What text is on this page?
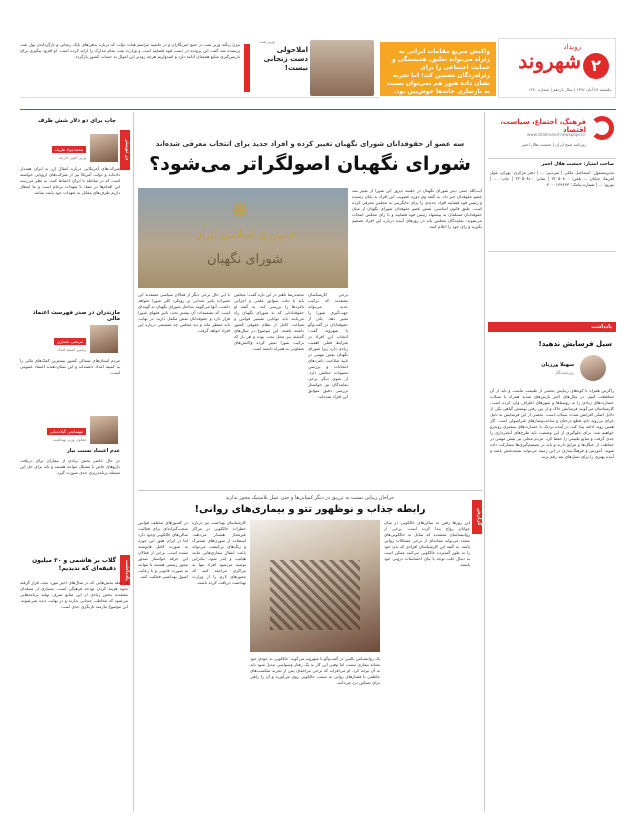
رویداد
شهروند ۲
یکشنبه ۲۸ آبان ۱۳۹۶ | سال یازدهم | شماره ۱۳۸۰
واکنش سریع مقامات ایرانی به زلزله می‌تواند تعلیق، همبستگی و حمایت اجتماعی را برای زلزله‌زدگان تضمین کند؛ اما تجربه نشان داده هنوز هم نمی‌توان نسبت به بازسازی خانه‌ها خوش‌بین بود.
وزیر نفت:
املاحولی دست زنجانی نیست!
بیژن زنگنه وزیر نفت در جمع خبرنگاران و در حاشیه مراسم هیات دولت که درباره بدهی‌های بابک زنجانی و بازگرداندن پول نفت پرسیده شد گفت این پرونده در دست قوه قضاییه است و وزارت نفت تمام مدارک را ارایه کرده است. او افزود پیگیری برای بازپس‌گیری منابع همچنان ادامه دارد و امیدواریم هرچه زودتر این اموال به حساب کشور بازگردد.
فرهنگ، اجتماع، سیاست، اقتصاد
www.shahrvand-newspaper.ir
روزنامه صبح ایران | جمعیت هلال احمر
صاحب امتیاز: جمعیت هلال احمر
مدیرمسئول: اسماعیل ملکی | سردبیر: ... | دفتر مرکزی: تهران، بلوار آفریقا، خیابان ... تلفن: ۲۲۰۵۰۸۰۰ | نمابر: ۲۲۰۵۰۸۱۰ | چاپ: ... | توزیع: ... | شماره پیامک: ۳۰۰۰۱۳۹۶۶۳
یادداشت
سیل فرسایش ندهید!
سهیلا ورزیان
روزنامه‌نگار
زاگرس همراه با کوه‌های زیبایش بخشی از طبیعت ماست و باید از آن محافظت کنیم. در سال‌های اخیر بارش‌های شدید همراه با سیلاب خسارت‌های زیادی را به روستاها و شهرهای اطراف وارد کرده است. کارشناسان می‌گویند فرسایش خاک و از بین رفتن پوشش گیاهی یکی از دلایل اصلی افزایش شدت سیلاب است. بخشی از این فرسایش به دلیل چرای بی‌رویه دام، قطع درختان و ساخت‌وسازهای غیراصولی است. اگر همین روند ادامه پیدا کند، در آینده نزدیک با خسارت‌های بیشتری روبه‌رو خواهیم شد. برای جلوگیری از این وضعیت باید طرح‌های آبخیزداری را جدی گرفت و منابع طبیعی را حفظ کرد. مردم محلی نیز نقش مهمی در حفاظت از جنگل‌ها و مراتع دارند و باید در تصمیم‌گیری‌ها مشارکت داده شوند. آموزش و فرهنگ‌سازی در این زمینه می‌تواند نتیجه‌بخش باشد و آینده بهتری را برای نسل‌های بعد رقم بزند.
در توییتر
چاپ برای دو دلار شش ظرف
محمدجواد ظریف
وزیر امور خارجه
شرکت‌های آمریکایی درباره انتقال ارز به ایران هشدار داده‌اند و دولت آمریکا نیز از شرکت‌های اروپایی خواسته است که در معامله با ایران احتیاط کنند. به نظر می‌رسد این اقدام‌ها در تضاد با تعهدات برجام است و ما انتظار داریم طرف‌های مقابل به تعهدات خود پایبند بمانند.
مازندران در صدر فهرست اعتماد مالی
مرتضی بختیاری
رئیس کمیته امداد
مردم استان‌های شمالی کشور بیشترین کمک‌های مالی را به کمیته امداد داشته‌اند و این نشان‌دهنده اعتماد عمومی است.
مهسانجی گیلاده‌یابی
معاون وزیر بهداشت
عدم اعتماد نسبت نیاز
در حال حاضر بخش زیادی از بیماران برای دریافت داروهای خاص با مشکل مواجه هستند و باید برای حل این مسئله برنامه‌ریزی جدی صورت گیرد.
یادداشت
گلاب بر هاشمی و ۲۰ میلیون دقیقه‌ای که ندیدیم!
از جمله بخش‌هایی که در سال‌های اخیر مورد بحث قرار گرفته نحوه هزینه کردن بودجه فرهنگی است. بسیاری از منتقدان معتقدند بخش زیادی از این منابع صرف تولید برنامه‌هایی می‌شود که مخاطب چندانی ندارند و در نهایت دیده نمی‌شوند. این موضوع نیازمند بازنگری جدی است.
سه عضو از حقوقدانان شورای نگهبان تغییر کرده و افراد جدید برای انتخاب معرفی شده‌اند
شورای نگهبان اصولگراتر می‌شود؟
❋
جمهوری اسلامی ایران
شورای نگهبان
آیت‌الله جنتی دبیر شورای نگهبان در جلسه دیروز این شورا از تغییر سه عضو حقوقدان خبر داد. به گفته وی دوره عضویت این افراد به پایان رسیده و رئیس قوه قضاییه افراد جدیدی را برای جایگزینی به مجلس معرفی کرده است. طبق قانون اساسی، شش عضو حقوقدان شورای نگهبان از میان حقوقدانان مسلمان به پیشنهاد رئیس قوه قضاییه و با رای مجلس انتخاب می‌شوند. نمایندگان مجلس باید در روزهای آینده درباره این افراد تصمیم بگیرند و رای خود را اعلام کنند.
برخی کارشناسان معتقدند که ترکیب جدید می‌تواند جهت‌گیری شورا را تغییر دهد. یکی از حقوقدانان در گفت‌وگو با شهروند گفت: انتخاب این افراد در شرایط فعلی اهمیت زیادی دارد زیرا شورای نگهبان نقش مهمی در تایید صلاحیت نامزدهای انتخابات و بررسی مصوبات مجلس دارد. از سوی دیگر برخی نمایندگان نیز خواستار بررسی دقیق سوابق این افراد شده‌اند.
محمدرضا باهنر در این باره گفت: مجلس باید با دقت سوابق علمی و اجرایی نامزدها را بررسی کند. به گفته او حقوقدانانی که به شورای نگهبان راه می‌یابند باید توانایی تفسیر قوانین و شناخت کامل از نظام حقوقی کشور داشته باشند. این موضوع در سال‌های گذشته نیز محل بحث بوده و هر بار که ترکیب شورا تغییر کرده واکنش‌های متفاوتی به همراه داشته است.
با این حال برخی دیگر از فعالان سیاسی معتقدند این تغییرات تاثیر چندانی بر رویکرد کلی شورا نخواهد داشت. آنها می‌گویند ساختار شورای نگهبان به گونه‌ای است که تصمیمات آن بیشتر تحت تاثیر فقهای شورا قرار دارد و حقوقدانان نقش مکمل دارند. در نهایت باید منتظر ماند و دید مجلس چه تصمیمی درباره این افراد خواهد گرفت.
گزارش
جراحان زیبایی نسبت به تزریق در دیگر کمپانی‌ها و حتی عمل پلاستیک مجوز ندارند
رابطه جذاب و نوظهور تتو و بیماری‌های روانی!
این روزها رفتن به سالن‌های خالکوبی در میان جوانان رواج پیدا کرده است. برخی از روانشناسان معتقدند که تمایل به خالکوبی‌های متعدد می‌تواند نشانه‌ای از برخی مشکلات روانی باشد. به گفته این کارشناسان افرادی که بدن خود را به طور گسترده خالکوبی می‌کنند ممکن است به دنبال جلب توجه یا بیان احساسات درونی خود باشند.
یک روانشناس بالینی در گفت‌وگو با شهروند می‌گوید: خالکوبی به خودی خود نشانه بیماری نیست اما وقتی این کار به یک رفتار وسواسی تبدیل شود باید به آن توجه کرد. او می‌افزاید که برخی مراجعان پس از تجربه شکست‌های عاطفی یا فشارهای روانی به سمت خالکوبی روی می‌آورند و آن را راهی برای تسکین درد می‌دانند.
کارشناسان بهداشت نیز درباره خطرات خالکوبی در مراکز غیرمجاز هشدار می‌دهند. استفاده از سوزن‌های مشترک و رنگ‌های بی‌کیفیت می‌تواند باعث انتقال بیماری‌هایی مانند هپاتیت و ایدز شود. بنابراین توصیه می‌شود افراد تنها به مراکزی مراجعه کنند که مجوزهای لازم را از وزارت بهداشت دریافت کرده باشند.
در کشورهای مختلف قوانین سخت‌گیرانه‌ای برای فعالیت سالن‌های خالکوبی وجود دارد اما در ایران هنوز این حوزه به صورت کامل قانونمند نشده است. برخی از فعالان این حرفه خواستار صدور مجوز رسمی هستند تا بتوانند به صورت قانونی و با رعایت اصول بهداشتی فعالیت کنند.
